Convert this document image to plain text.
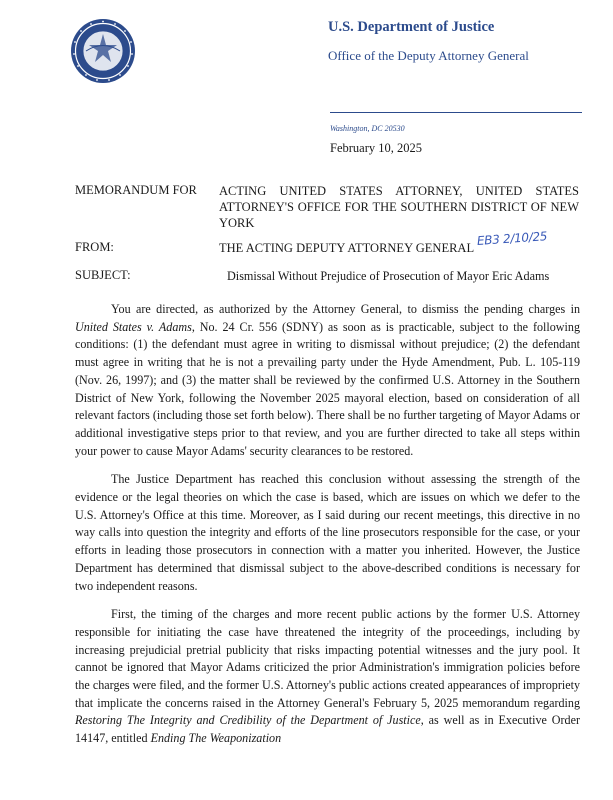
U.S. Department of Justice
Office of the Deputy Attorney General
Washington, DC 20530
February 10, 2025
MEMORANDUM FOR ACTING UNITED STATES ATTORNEY, UNITED STATES ATTORNEY'S OFFICE FOR THE SOUTHERN DISTRICT OF NEW YORK
FROM:	THE ACTING DEPUTY ATTORNEY GENERAL
EB3 2/10/25
SUBJECT:	Dismissal Without Prejudice of Prosecution of Mayor Eric Adams

You are directed, as authorized by the Attorney General, to dismiss the pending charges in United States v. Adams, No. 24 Cr. 556 (SDNY) as soon as is practicable, subject to the following conditions: (1) the defendant must agree in writing to dismissal without prejudice; (2) the defendant must agree in writing that he is not a prevailing party under the Hyde Amendment, Pub. L. 105-119 (Nov. 26, 1997); and (3) the matter shall be reviewed by the confirmed U.S. Attorney in the Southern District of New York, following the November 2025 mayoral election, based on consideration of all relevant factors (including those set forth below). There shall be no further targeting of Mayor Adams or additional investigative steps prior to that review, and you are further directed to take all steps within your power to cause Mayor Adams' security clearances to be restored.

The Justice Department has reached this conclusion without assessing the strength of the evidence or the legal theories on which the case is based, which are issues on which we defer to the U.S. Attorney's Office at this time. Moreover, as I said during our recent meetings, this directive in no way calls into question the integrity and efforts of the line prosecutors responsible for the case, or your efforts in leading those prosecutors in connection with a matter you inherited. However, the Justice Department has determined that dismissal subject to the above-described conditions is necessary for two independent reasons.

First, the timing of the charges and more recent public actions by the former U.S. Attorney responsible for initiating the case have threatened the integrity of the proceedings, including by increasing prejudicial pretrial publicity that risks impacting potential witnesses and the jury pool. It cannot be ignored that Mayor Adams criticized the prior Administration's immigration policies before the charges were filed, and the former U.S. Attorney's public actions created appearances of impropriety that implicate the concerns raised in the Attorney General's February 5, 2025 memorandum regarding Restoring The Integrity and Credibility of the Department of Justice, as well as in Executive Order 14147, entitled Ending The Weaponization
